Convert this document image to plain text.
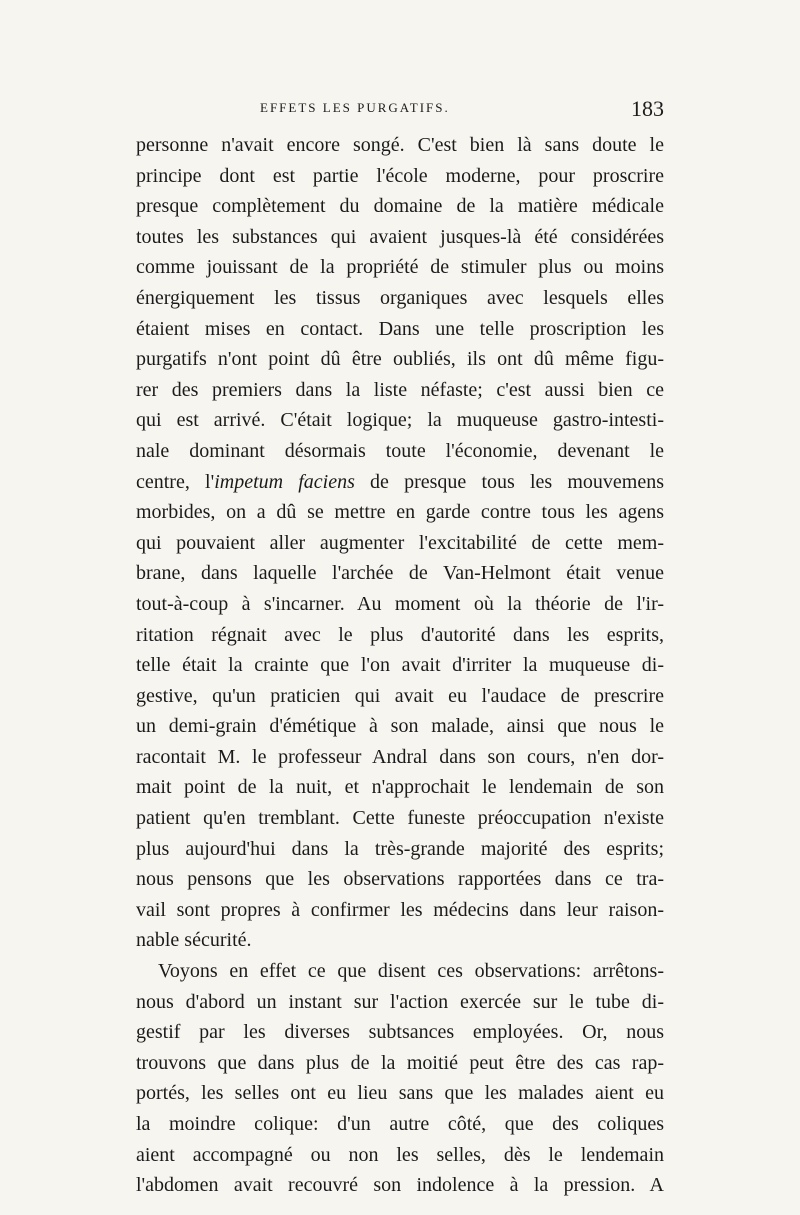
EFFETS LES PURGATIFS.	183
personne n'avait encore songé. C'est bien là sans doute le
principe dont est partie l'école moderne, pour proscrire
presque complètement du domaine de la matière médicale
toutes les substances qui avaient jusques-là été considérées
comme jouissant de la propriété de stimuler plus ou moins
énergiquement les tissus organiques avec lesquels elles
étaient mises en contact. Dans une telle proscription les
purgatifs n'ont point dû être oubliés, ils ont dû même figu-
rer des premiers dans la liste néfaste; c'est aussi bien ce
qui est arrivé. C'était logique; la muqueuse gastro-intesti-
nale dominant désormais toute l'économie, devenant le
centre, l'impetum faciens de presque tous les mouvemens
morbides, on a dû se mettre en garde contre tous les agens
qui pouvaient aller augmenter l'excitabilité de cette mem-
brane, dans laquelle l'archée de Van-Helmont était venue
tout-à-coup à s'incarner. Au moment où la théorie de l'ir-
ritation régnait avec le plus d'autorité dans les esprits,
telle était la crainte que l'on avait d'irriter la muqueuse di-
gestive, qu'un praticien qui avait eu l'audace de prescrire
un demi-grain d'émétique à son malade, ainsi que nous le
racontait M. le professeur Andral dans son cours, n'en dor-
mait point de la nuit, et n'approchait le lendemain de son
patient qu'en tremblant. Cette funeste préoccupation n'existe
plus aujourd'hui dans la très-grande majorité des esprits;
nous pensons que les observations rapportées dans ce tra-
vail sont propres à confirmer les médecins dans leur raison-
nable sécurité.
Voyons en effet ce que disent ces observations: arrêtons-
nous d'abord un instant sur l'action exercée sur le tube di-
gestif par les diverses subtsances employées. Or, nous
trouvons que dans plus de la moitié peut être des cas rap-
portés, les selles ont eu lieu sans que les malades aient eu
la moindre colique: d'un autre côté, que des coliques
aient accompagné ou non les selles, dès le lendemain
l'abdomen avait recouvré son indolence à la pression. A
